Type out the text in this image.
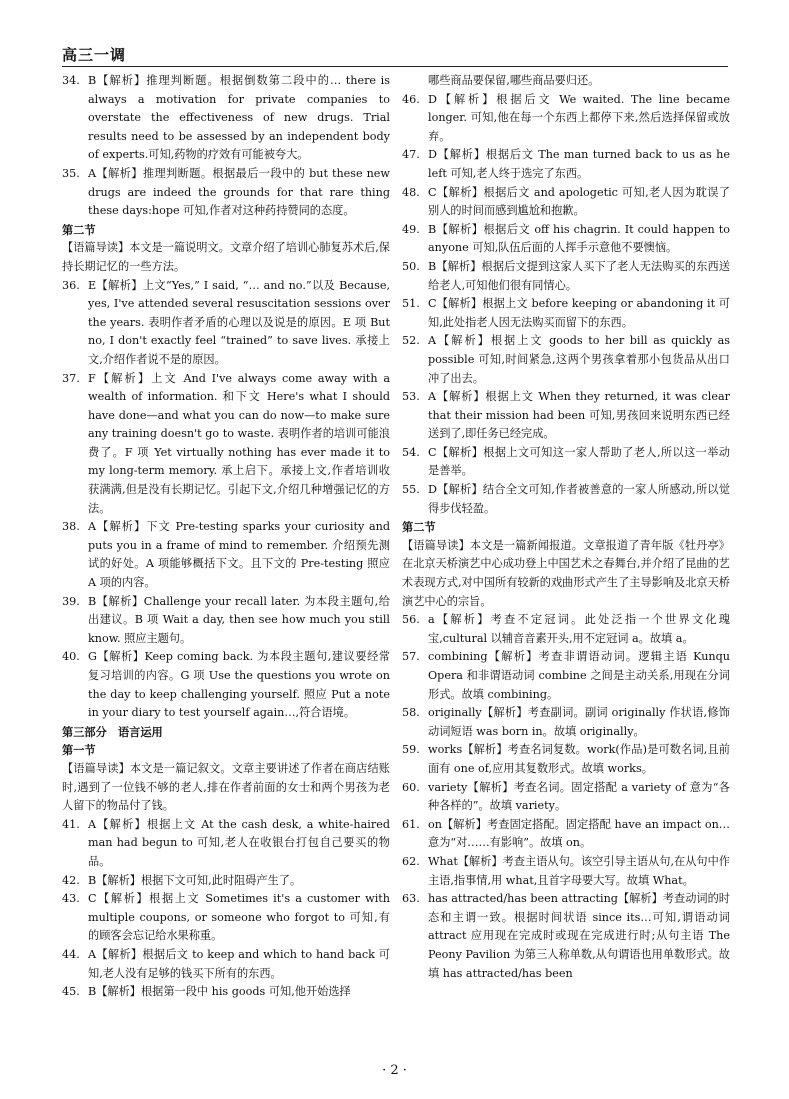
高三一调
34. B【解析】推理判断题。根据倒数第二段中的… there is always a motivation for private companies to overstate the effectiveness of new drugs. Trial results need to be assessed by an independent body of experts.可知,药物的疗效有可能被夸大。
35. A【解析】推理判断题。根据最后一段中的 but these new drugs are indeed the grounds for that rare thing these days:hope 可知,作者对这种药持赞同的态度。
第二节
【语篇导读】本文是一篇说明文。文章介绍了培训心肺复苏术后,保持长期记忆的一些方法。
36. E【解析】上文“Yes,” I said, “… and no.”以及 Because, yes, I've attended several resuscitation sessions over the years. 表明作者矛盾的心理以及说是的原因。E 项 But no, I don't exactly feel “trained” to save lives. 承接上文,介绍作者说不是的原因。
37. F【解析】上文 And I've always come away with a wealth of information. 和下文 Here's what I should have done—and what you can do now—to make sure any training doesn't go to waste. 表明作者的培训可能浪费了。F 项 Yet virtually nothing has ever made it to my long-term memory. 承上启下。承接上文,作者培训收获满满,但是没有长期记忆。引起下文,介绍几种增强记忆的方法。
38. A【解析】下文 Pre-testing sparks your curiosity and puts you in a frame of mind to remember. 介绍预先测试的好处。A 项能够概括下文。且下文的 Pre-testing 照应 A 项的内容。
39. B【解析】Challenge your recall later. 为本段主题句,给出建议。B 项 Wait a day, then see how much you still know. 照应主题句。
40. G【解析】Keep coming back. 为本段主题句,建议要经常复习培训的内容。G 项 Use the questions you wrote on the day to keep challenging yourself. 照应 Put a note in your diary to test yourself again…,符合语境。
第三部分　语言运用
第一节
【语篇导读】本文是一篇记叙文。文章主要讲述了作者在商店结账时,遇到了一位钱不够的老人,排在作者前面的女士和两个男孩为老人留下的物品付了钱。
41. A【解析】根据上文 At the cash desk, a white-haired man had begun to 可知,老人在收银台打包自己要买的物品。
42. B【解析】根据下文可知,此时阻碍产生了。
43. C【解析】根据上文 Sometimes it's a customer with multiple coupons, or someone who forgot to 可知,有的顾客会忘记给水果称重。
44. A【解析】根据后文 to keep and which to hand back 可知,老人没有足够的钱买下所有的东西。
45. B【解析】根据第一段中 his goods 可知,他开始选择
哪些商品要保留,哪些商品要归还。
46. D【解析】根据后文 We waited. The line became longer. 可知,他在每一个东西上都停下来,然后选择保留或放弃。
47. D【解析】根据后文 The man turned back to us as he left 可知,老人终于选完了东西。
48. C【解析】根据后文 and apologetic 可知,老人因为耽误了别人的时间而感到尴尬和抱歉。
49. B【解析】根据后文 off his chagrin. It could happen to anyone 可知,队伍后面的人挥手示意他不要懊恼。
50. B【解析】根据后文提到这家人买下了老人无法购买的东西送给老人,可知他们很有同情心。
51. C【解析】根据上文 before keeping or abandoning it 可知,此处指老人因无法购买而留下的东西。
52. A【解析】根据上文 goods to her bill as quickly as possible 可知,时间紧急,这两个男孩拿着那小包货品从出口冲了出去。
53. A【解析】根据上文 When they returned, it was clear that their mission had been 可知,男孩回来说明东西已经送到了,即任务已经完成。
54. C【解析】根据上文可知这一家人帮助了老人,所以这一举动是善举。
55. D【解析】结合全文可知,作者被善意的一家人所感动,所以觉得步伐轻盈。
第二节
【语篇导读】本文是一篇新闻报道。文章报道了青年版《牡丹亭》在北京天桥演艺中心成功登上中国艺术之春舞台,并介绍了昆曲的艺术表现方式,对中国所有较新的戏曲形式产生了主导影响及北京天桥演艺中心的宗旨。
56. a【解析】考查不定冠词。此处泛指一个世界文化瑰宝,cultural 以辅音音素开头,用不定冠词 a。故填 a。
57. combining【解析】考查非谓语动词。逻辑主语 Kunqu Opera 和非谓语动词 combine 之间是主动关系,用现在分词形式。故填 combining。
58. originally【解析】考查副词。副词 originally 作状语,修饰动词短语 was born in。故填 originally。
59. works【解析】考查名词复数。work(作品)是可数名词,且前面有 one of,应用其复数形式。故填 works。
60. variety【解析】考查名词。固定搭配 a variety of 意为“各种各样的”。故填 variety。
61. on【解析】考查固定搭配。固定搭配 have an impact on… 意为“对……有影响”。故填 on。
62. What【解析】考查主语从句。该空引导主语从句,在从句中作主语,指事情,用 what,且首字母要大写。故填 What。
63. has attracted/has been attracting【解析】考查动词的时态和主谓一致。根据时间状语 since its…可知,谓语动词 attract 应用现在完成时或现在完成进行时;从句主语 The Peony Pavilion 为第三人称单数,从句谓语也用单数形式。故填 has attracted/has been
· 2 ·
